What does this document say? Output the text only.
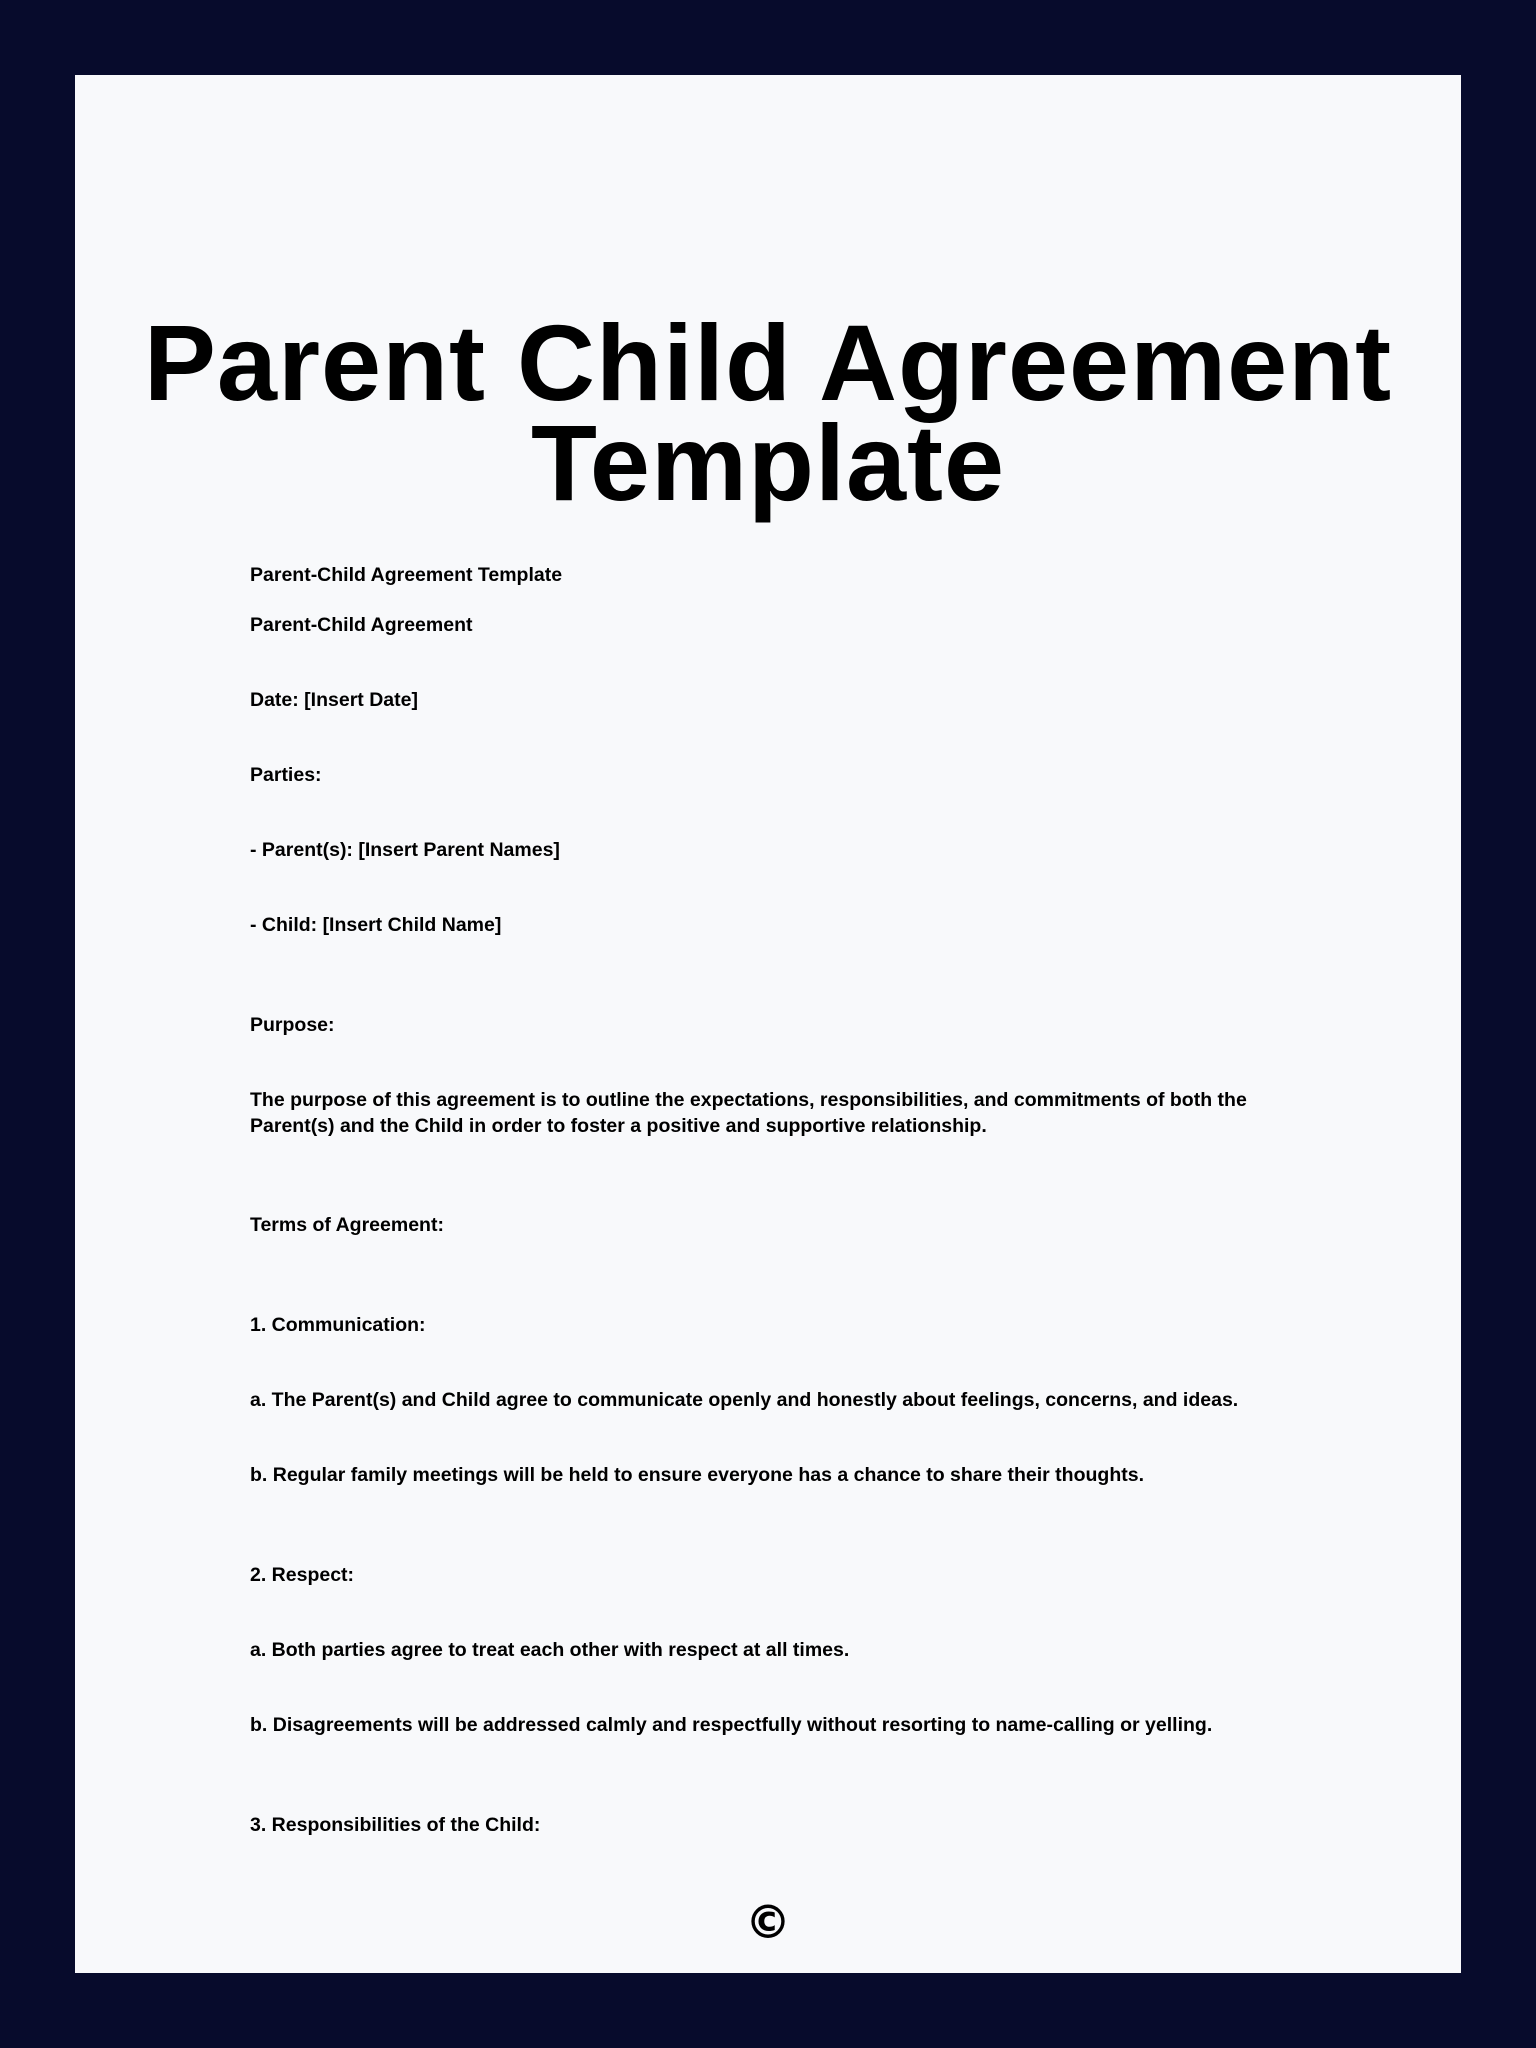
Parent Child Agreement
Template

Parent-Child Agreement Template

Parent-Child Agreement

Date: [Insert Date]

Parties:

- Parent(s): [Insert Parent Names]

- Child: [Insert Child Name]

Purpose:

The purpose of this agreement is to outline the expectations, responsibilities, and commitments of both the Parent(s) and the Child in order to foster a positive and supportive relationship.

Terms of Agreement:

1. Communication:

a. The Parent(s) and Child agree to communicate openly and honestly about feelings, concerns, and ideas.

b. Regular family meetings will be held to ensure everyone has a chance to share their thoughts.

2. Respect:

a. Both parties agree to treat each other with respect at all times.

b. Disagreements will be addressed calmly and respectfully without resorting to name-calling or yelling.

3. Responsibilities of the Child:

©
